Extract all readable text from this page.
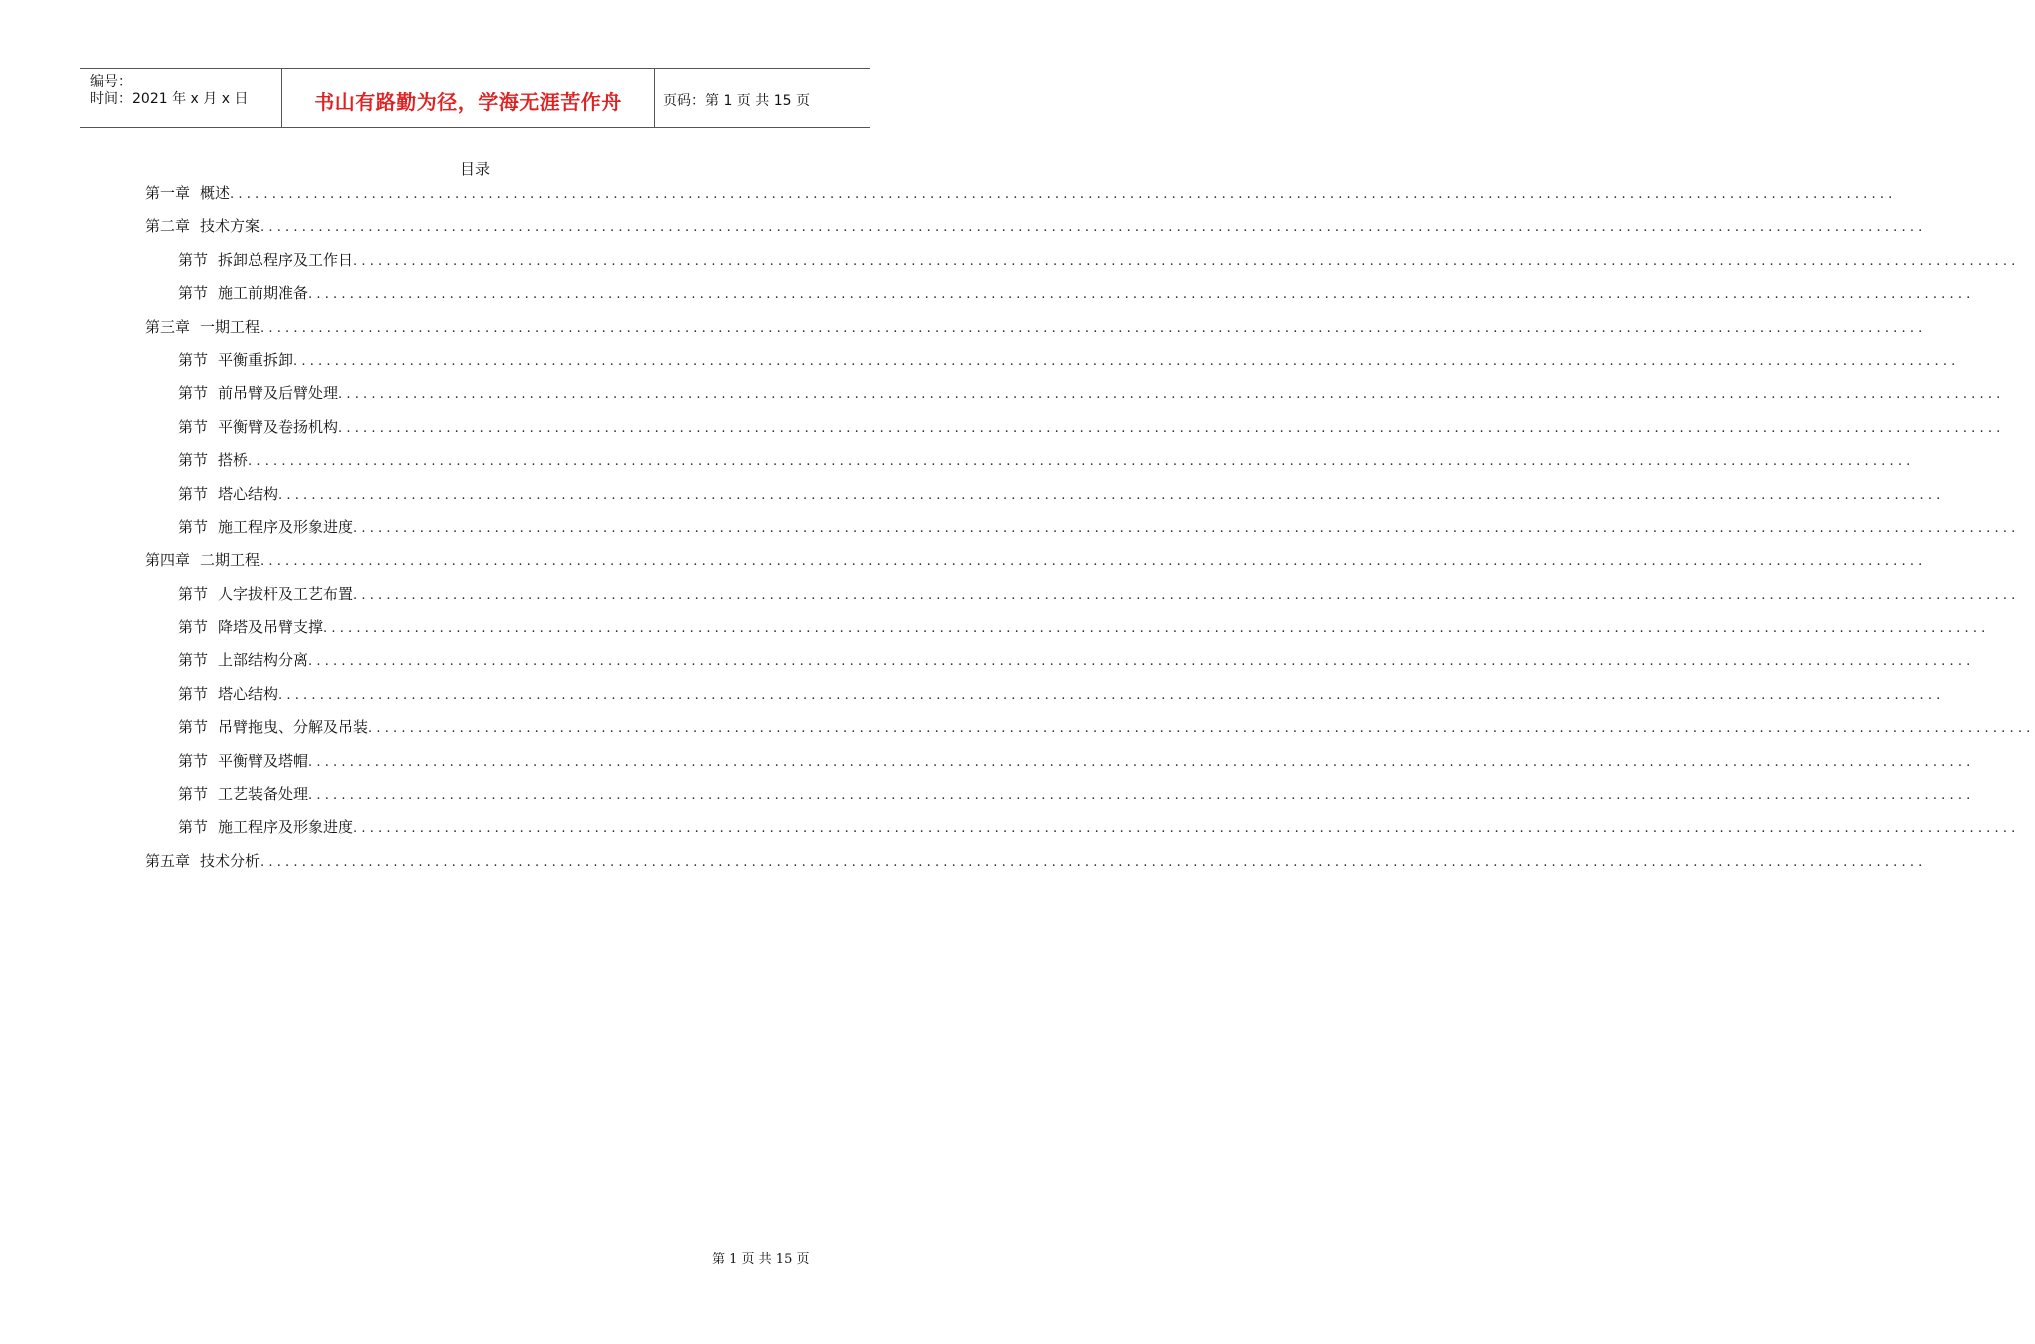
编号：
时间：2021 年 x 月 x 日	书山有路勤为径，学海无涯苦作舟	页码：第 1 页 共 15 页
目录
第一章 概述 ........................................................................................................................................................................................................
第二章 技术方案 ........................................................................................................................................................................................................
第节 拆卸总程序及工作日 ........................................................................................................................................................................................................
第节 施工前期准备 ........................................................................................................................................................................................................
第三章 一期工程 ........................................................................................................................................................................................................
第节 平衡重拆卸 ........................................................................................................................................................................................................
第节 前吊臂及后臂处理 ........................................................................................................................................................................................................
第节 平衡臂及卷扬机构 ........................................................................................................................................................................................................
第节 搭桥 ........................................................................................................................................................................................................
第节 塔心结构 ........................................................................................................................................................................................................
第节 施工程序及形象进度 ........................................................................................................................................................................................................
第四章 二期工程 ........................................................................................................................................................................................................
第节 人字拔杆及工艺布置 ........................................................................................................................................................................................................
第节 降塔及吊臂支撑 ........................................................................................................................................................................................................
第节 上部结构分离 ........................................................................................................................................................................................................
第节 塔心结构 ........................................................................................................................................................................................................
第节 吊臂拖曳、分解及吊装 ........................................................................................................................................................................................................
第节 平衡臂及塔帽 ........................................................................................................................................................................................................
第节 工艺装备处理 ........................................................................................................................................................................................................
第节 施工程序及形象进度 ........................................................................................................................................................................................................
第五章 技术分析 ........................................................................................................................................................................................................
第 1 页 共 15 页
